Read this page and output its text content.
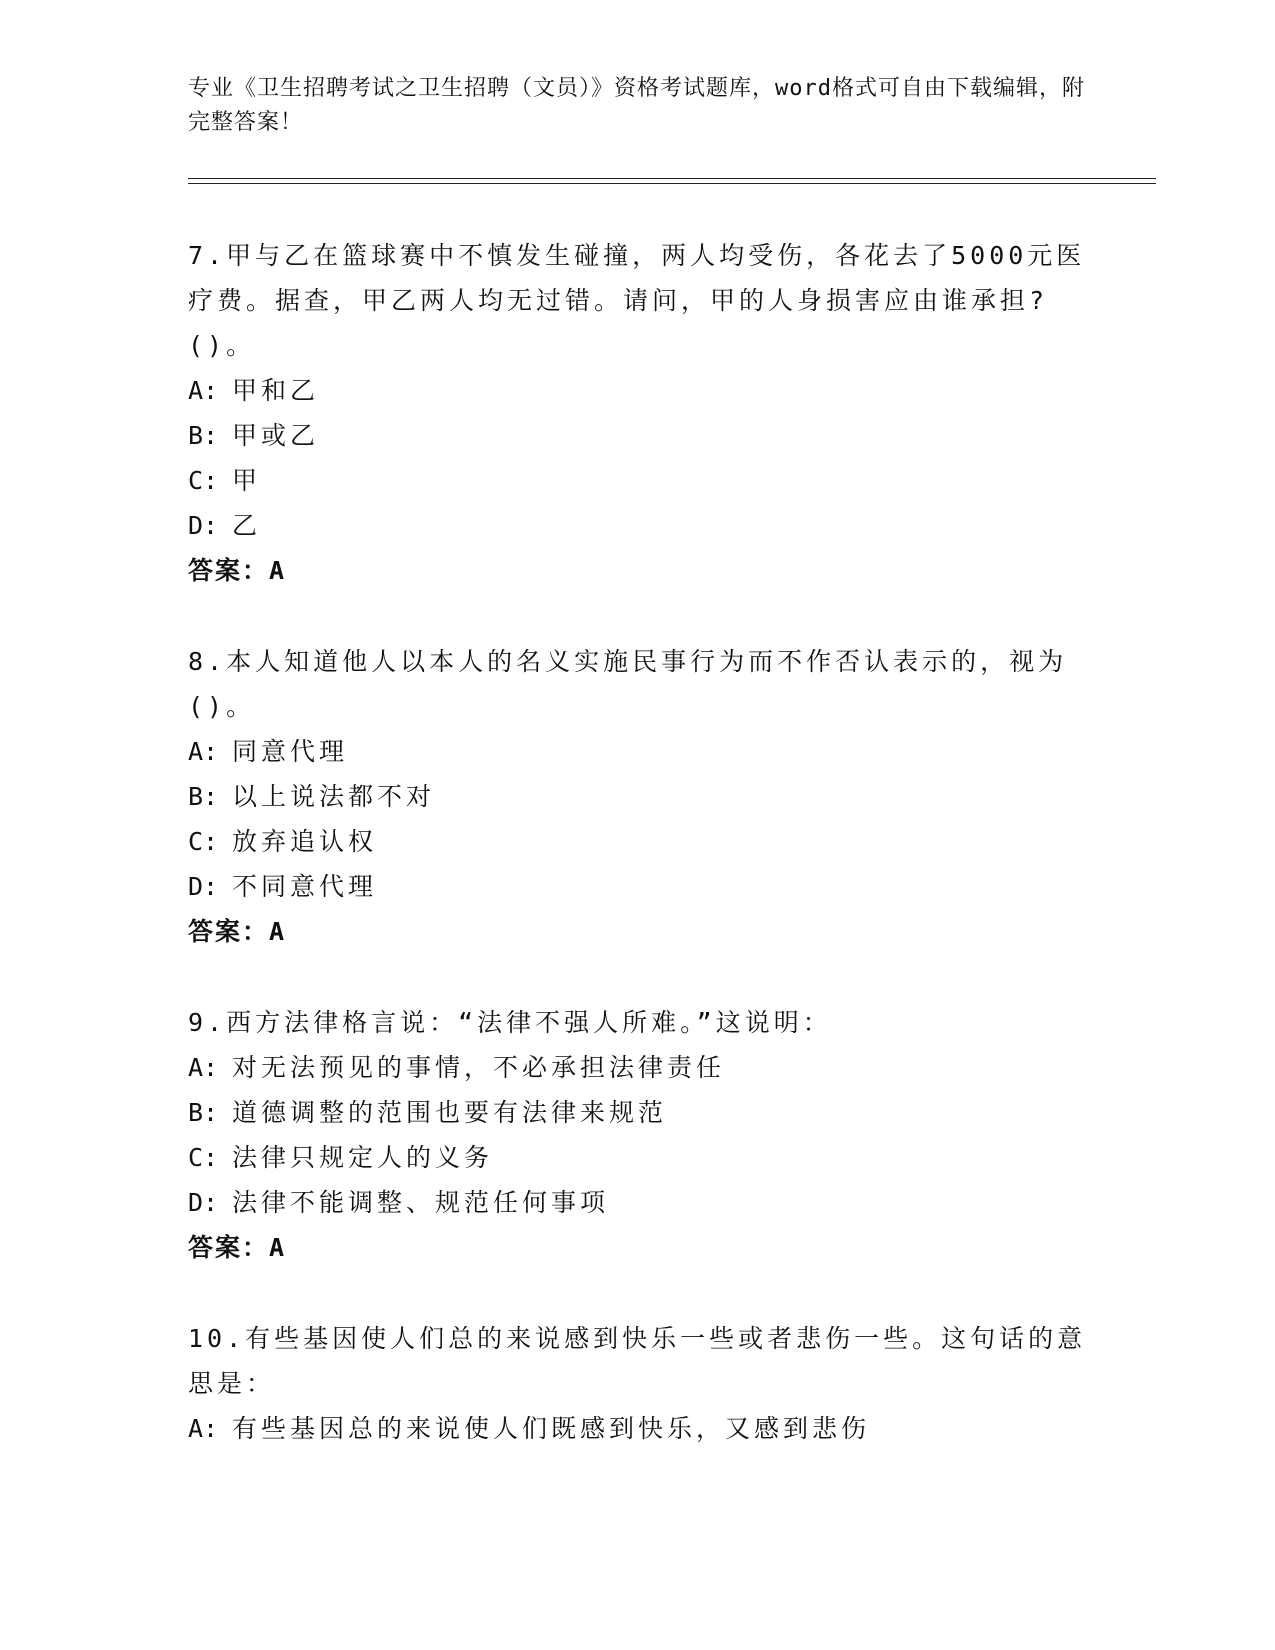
专业《卫生招聘考试之卫生招聘（文员）》资格考试题库，word格式可自由下载编辑，附完整答案！

7.甲与乙在篮球赛中不慎发生碰撞，两人均受伤，各花去了5000元医疗费。据查，甲乙两人均无过错。请问，甲的人身损害应由谁承担?()。

A: 甲和乙

B: 甲或乙

C: 甲

D: 乙

答案：A

8.本人知道他人以本人的名义实施民事行为而不作否认表示的，视为()。

A: 同意代理

B: 以上说法都不对

C: 放弃追认权

D: 不同意代理

答案：A

9.西方法律格言说：“法律不强人所难。”这说明：

A: 对无法预见的事情，不必承担法律责任

B: 道德调整的范围也要有法律来规范

C: 法律只规定人的义务

D: 法律不能调整、规范任何事项

答案：A

10.有些基因使人们总的来说感到快乐一些或者悲伤一些。这句话的意思是：

A: 有些基因总的来说使人们既感到快乐，又感到悲伤
